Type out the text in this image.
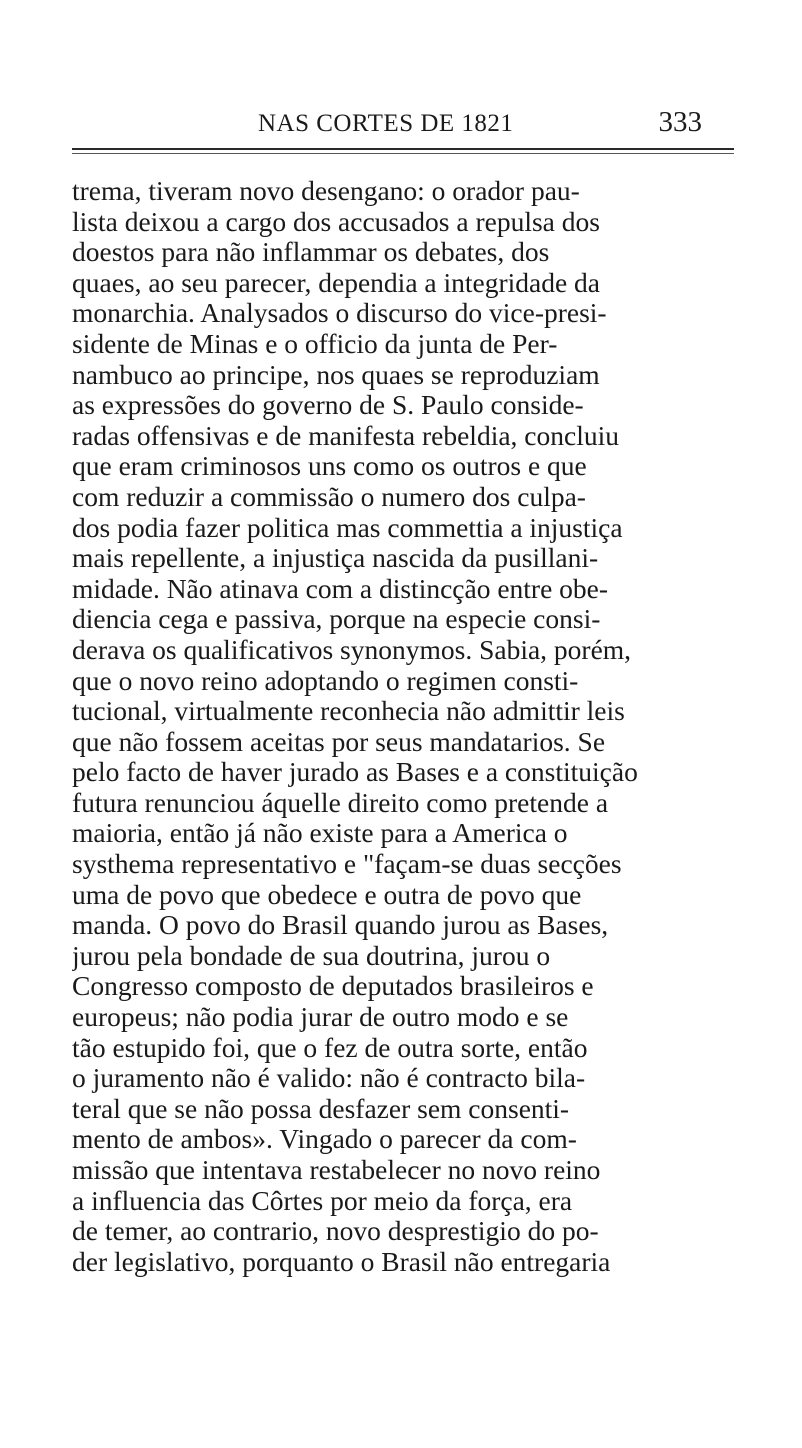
NAS CORTES DE 1821	333
trema, tiveram novo desengano: o orador pau-
lista deixou a cargo dos accusados a repulsa dos
doestos para não inflammar os debates, dos
quaes, ao seu parecer, dependia a integridade da
monarchia. Analysados o discurso do vice-presi-
sidente de Minas e o officio da junta de Per-
nambuco ao principe, nos quaes se reproduziam
as expressões do governo de S. Paulo conside-
radas offensivas e de manifesta rebeldia, concluiu
que eram criminosos uns como os outros e que
com reduzir a commissão o numero dos culpa-
dos podia fazer politica mas commettia a injustiça
mais repellente, a injustiça nascida da pusillani-
midade. Não atinava com a distincção entre obe-
diencia cega e passiva, porque na especie consi-
derava os qualificativos synonymos. Sabia, porém,
que o novo reino adoptando o regimen consti-
tucional, virtualmente reconhecia não admittir leis
que não fossem aceitas por seus mandatarios. Se
pelo facto de haver jurado as Bases e a constituição
futura renunciou áquelle direito como pretende a
maioria, então já não existe para a America o
systhema representativo e "façam-se duas secções
uma de povo que obedece e outra de povo que
manda. O povo do Brasil quando jurou as Bases,
jurou pela bondade de sua doutrina, jurou o
Congresso composto de deputados brasileiros e
europeus; não podia jurar de outro modo e se
tão estupido foi, que o fez de outra sorte, então
o juramento não é valido: não é contracto bila-
teral que se não possa desfazer sem consenti-
mento de ambos». Vingado o parecer da com-
missão que intentava restabelecer no novo reino
a influencia das Côrtes por meio da força, era
de temer, ao contrario, novo desprestigio do po-
der legislativo, porquanto o Brasil não entregaria
